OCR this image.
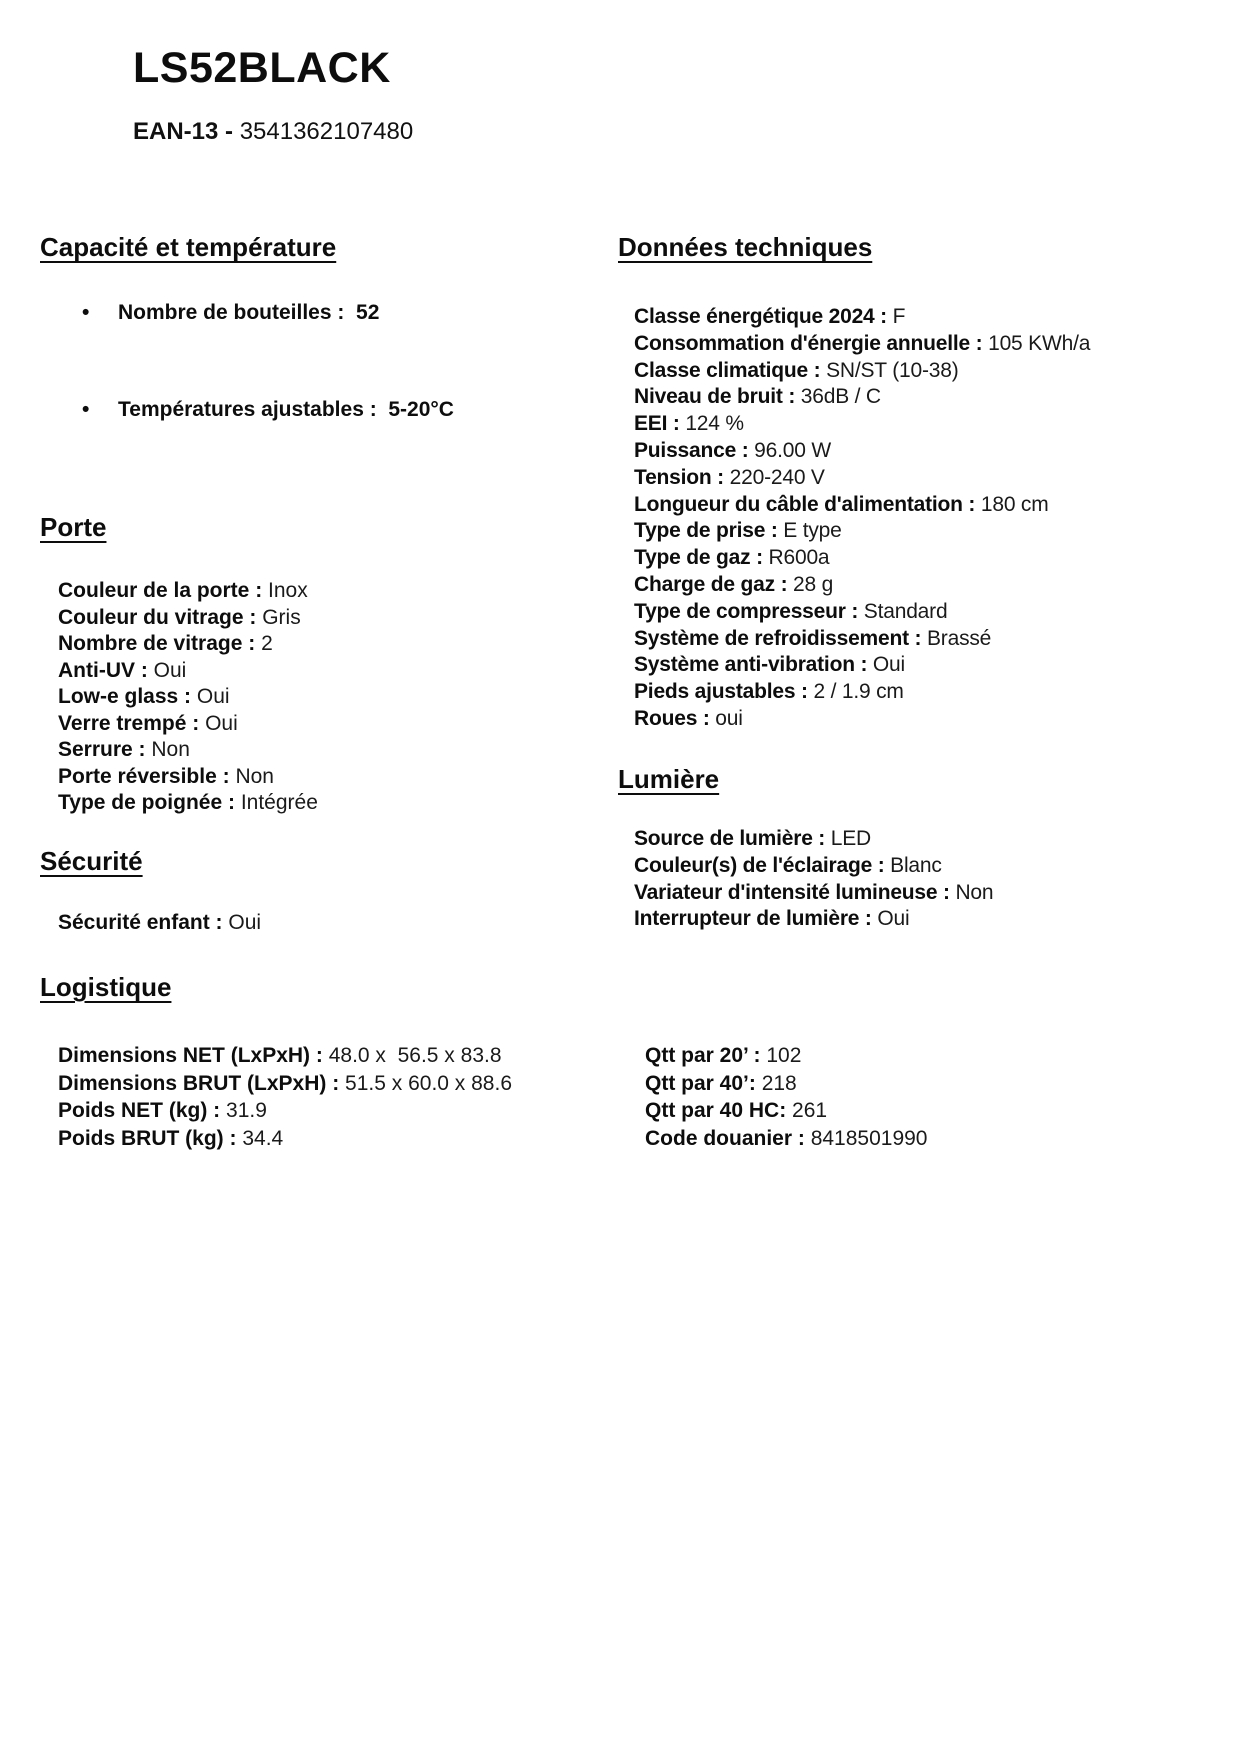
LS52BLACK
EAN-13 - 3541362107480
Capacité et température
•	Nombre de bouteilles :  52
•	Températures ajustables :  5-20°C
Porte
Couleur de la porte : Inox
Couleur du vitrage : Gris
Nombre de vitrage : 2
Anti-UV : Oui
Low-e glass : Oui
Verre trempé : Oui
Serrure : Non
Porte réversible : Non
Type de poignée : Intégrée
Sécurité
Sécurité enfant : Oui
Logistique
Dimensions NET (LxPxH) : 48.0 x  56.5 x 83.8
Dimensions BRUT (LxPxH) : 51.5 x 60.0 x 88.6
Poids NET (kg) : 31.9
Poids BRUT (kg) : 34.4
Données techniques
Classe énergétique 2024 : F
Consommation d'énergie annuelle : 105 KWh/a
Classe climatique : SN/ST (10-38)
Niveau de bruit : 36dB / C
EEI : 124 %
Puissance : 96.00 W
Tension : 220-240 V
Longueur du câble d'alimentation : 180 cm
Type de prise : E type
Type de gaz : R600a
Charge de gaz : 28 g
Type de compresseur : Standard
Système de refroidissement : Brassé
Système anti-vibration : Oui
Pieds ajustables : 2 / 1.9 cm
Roues : oui
Lumière
Source de lumière : LED
Couleur(s) de l'éclairage : Blanc
Variateur d'intensité lumineuse : Non
Interrupteur de lumière : Oui
Qtt par 20’ : 102
Qtt par 40’: 218
Qtt par 40 HC: 261
Code douanier : 8418501990
